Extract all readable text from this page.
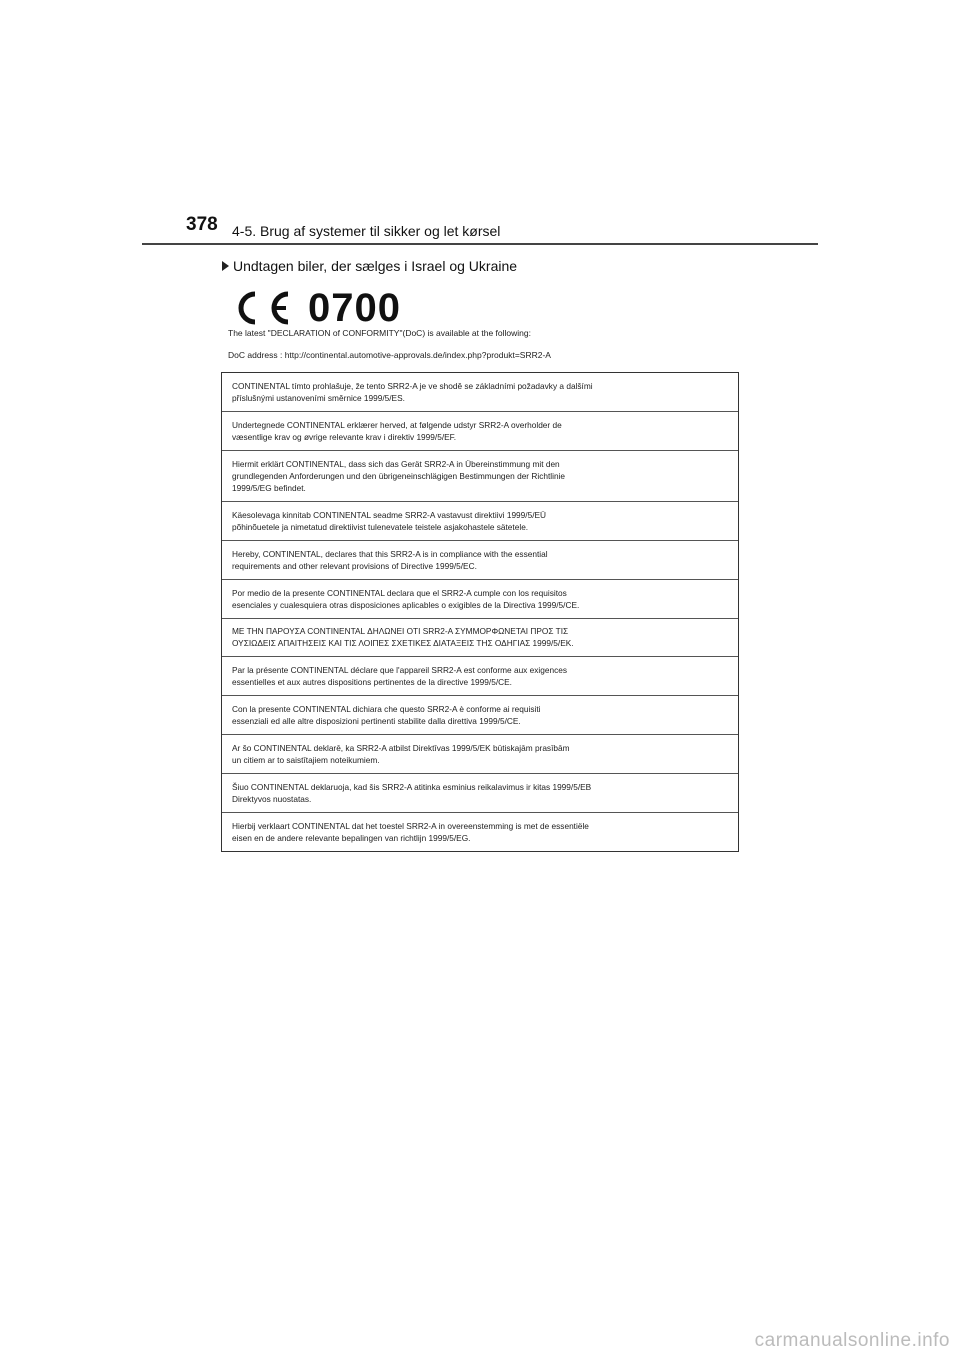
378 4-5. Brug af systemer til sikker og let kørsel
Undtagen biler, der sælges i Israel og Ukraine
0700
The latest "DECLARATION of CONFORMITY"(DoC) is available at the following:
DoC address : http://continental.automotive-approvals.de/index.php?produkt=SRR2-A
CONTINENTAL tímto prohlašuje, že tento SRR2-A je ve shodě se základními požadavky a dalšími
příslušnými ustanoveními směrnice 1999/5/ES.
Undertegnede CONTINENTAL erklærer herved, at følgende udstyr SRR2-A overholder de
væsentlige krav og øvrige relevante krav i direktiv 1999/5/EF.
Hiermit erklärt CONTINENTAL, dass sich das Gerät SRR2-A in Übereinstimmung mit den
grundlegenden Anforderungen und den übrigeneinschlägigen Bestimmungen der Richtlinie
1999/5/EG befindet.
Käesolevaga kinnitab CONTINENTAL seadme SRR2-A vastavust direktiivi 1999/5/EÜ
põhinõuetele ja nimetatud direktiivist tulenevatele teistele asjakohastele sätetele.
Hereby, CONTINENTAL, declares that this SRR2-A is in compliance with the essential
requirements and other relevant provisions of Directive 1999/5/EC.
Por medio de la presente CONTINENTAL declara que el SRR2-A cumple con los requisitos
esenciales y cualesquiera otras disposiciones aplicables o exigibles de la Directiva 1999/5/CE.
ΜΕ ΤΗΝ ΠΑΡΟΥΣΑ CONTINENTAL ΔΗΛΩΝΕΙ ΟΤΙ SRR2-A ΣΥΜΜΟΡΦΩΝΕΤΑΙ ΠΡΟΣ ΤΙΣ
ΟΥΣΙΩΔΕΙΣ ΑΠΑΙΤΗΣΕΙΣ ΚΑΙ ΤΙΣ ΛΟΙΠΕΣ ΣΧΕΤΙΚΕΣ ΔΙΑΤΑΞΕΙΣ ΤΗΣ ΟΔΗΓΙΑΣ 1999/5/ΕΚ.
Par la présente CONTINENTAL déclare que l'appareil SRR2-A est conforme aux exigences
essentielles et aux autres dispositions pertinentes de la directive 1999/5/CE.
Con la presente CONTINENTAL dichiara che questo SRR2-A è conforme ai requisiti
essenziali ed alle altre disposizioni pertinenti stabilite dalla direttiva 1999/5/CE.
Ar šo CONTINENTAL deklarē, ka SRR2-A atbilst Direktīvas 1999/5/EK būtiskajām prasībām
un citiem ar to saistītajiem noteikumiem.
Šiuo CONTINENTAL deklaruoja, kad šis SRR2-A atitinka esminius reikalavimus ir kitas 1999/5/EB
Direktyvos nuostatas.
Hierbij verklaart CONTINENTAL dat het toestel SRR2-A in overeenstemming is met de essentiële
eisen en de andere relevante bepalingen van richtlijn 1999/5/EG.
carmanualsonline.info
